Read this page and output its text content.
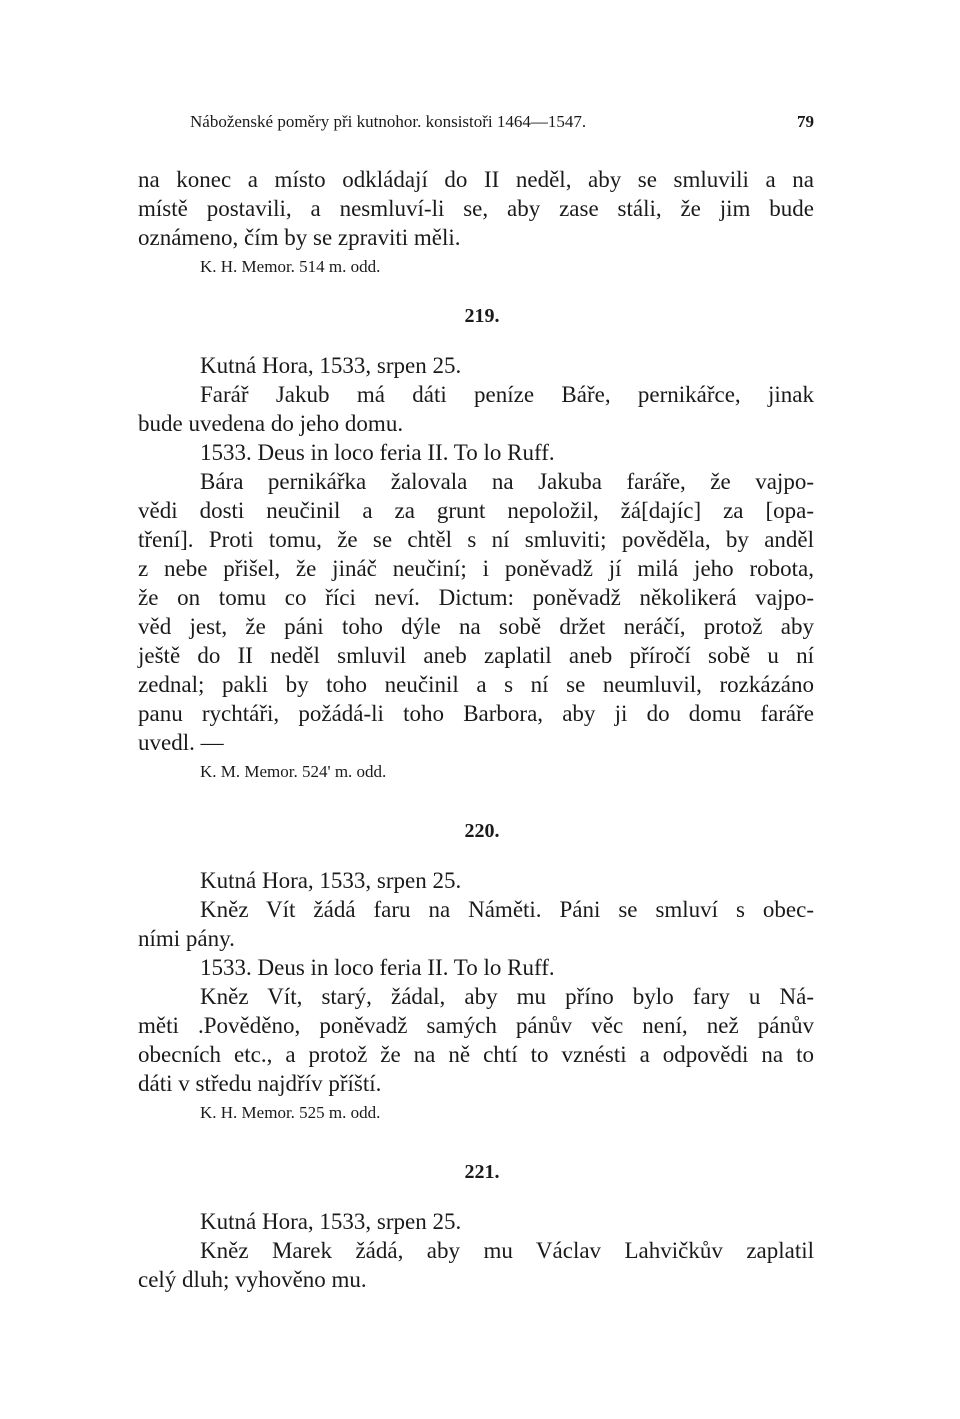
Náboženské poměry při kutnohor. konsistoři 1464—1547.	79
na konec a místo odkládají do II neděl, aby se smluvili a na
místě postavili, a nesmluví-li se, aby zase stáli, že jim bude
oznámeno, čím by se zpraviti měli.
K. H. Memor. 514 m. odd.
219.
Kutná Hora, 1533, srpen 25.
Farář Jakub má dáti peníze Báře, pernikářce, jinak
bude uvedena do jeho domu.
1533. Deus in loco feria II. To lo Ruff.
Bára pernikářka žalovala na Jakuba faráře, že vajpo-
vědi dosti neučinil a za grunt nepoložil, žá[dajíc] za [opa-
tření]. Proti tomu, že se chtěl s ní smluviti; pověděla, by anděl
z nebe přišel, že jináč neučiní; i poněvadž jí milá jeho robota,
že on tomu co říci neví. Dictum: poněvadž několikerá vajpo-
věd jest, že páni toho dýle na sobě držet neráčí, protož aby
ještě do II neděl smluvil aneb zaplatil aneb příročí sobě u ní
zednal; pakli by toho neučinil a s ní se neumluvil, rozkázáno
panu rychtáři, požádá-li toho Barbora, aby ji do domu faráře
uvedl. —
K. M. Memor. 524' m. odd.
220.
Kutná Hora, 1533, srpen 25.
Kněz Vít žádá faru na Náměti. Páni se smluví s obec-
ními pány.
1533. Deus in loco feria II. To lo Ruff.
Kněz Vít, starý, žádal, aby mu příno bylo fary u Ná-
měti .Pověděno, poněvadž samých pánův věc není, než pánův
obecních etc., a protož že na ně chtí to vznésti a odpovědi na to
dáti v středu najdřív příští.
K. H. Memor. 525 m. odd.
221.
Kutná Hora, 1533, srpen 25.
Kněz Marek žádá, aby mu Václav Lahvičkův zaplatil
celý dluh; vyhověno mu.
